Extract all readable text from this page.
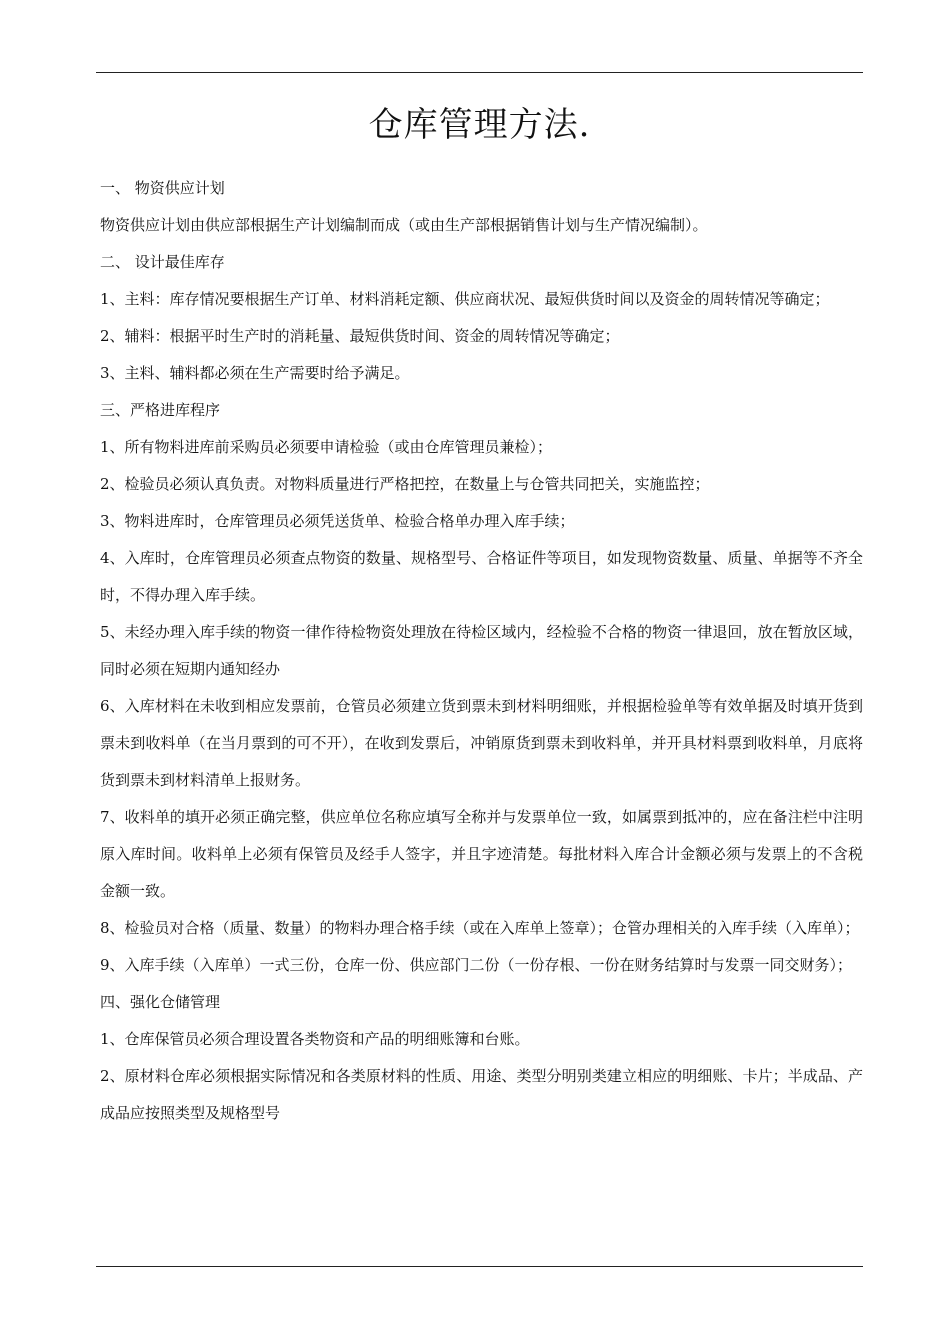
仓库管理方法.

一、 物资供应计划

物资供应计划由供应部根据生产计划编制而成（或由生产部根据销售计划与生产情况编制）。

二、 设计最佳库存

1、主料：库存情况要根据生产订单、材料消耗定额、供应商状况、最短供货时间以及资金的周转情况等确定；

2、辅料：根据平时生产时的消耗量、最短供货时间、资金的周转情况等确定；

3、主料、辅料都必须在生产需要时给予满足。

三、严格进库程序

1、所有物料进库前采购员必须要申请检验（或由仓库管理员兼检）；

2、检验员必须认真负责。对物料质量进行严格把控，在数量上与仓管共同把关，实施监控；

3、物料进库时，仓库管理员必须凭送货单、检验合格单办理入库手续；

4、入库时，仓库管理员必须查点物资的数量、规格型号、合格证件等项目，如发现物资数量、质量、单据等不齐全时，不得办理入库手续。

5、未经办理入库手续的物资一律作待检物资处理放在待检区域内，经检验不合格的物资一律退回，放在暂放区域，同时必须在短期内通知经办

6、入库材料在未收到相应发票前，仓管员必须建立货到票未到材料明细账，并根据检验单等有效单据及时填开货到票未到收料单（在当月票到的可不开），在收到发票后，冲销原货到票未到收料单，并开具材料票到收料单，月底将货到票未到材料清单上报财务。

7、收料单的填开必须正确完整，供应单位名称应填写全称并与发票单位一致，如属票到抵冲的，应在备注栏中注明原入库时间。收料单上必须有保管员及经手人签字，并且字迹清楚。每批材料入库合计金额必须与发票上的不含税金额一致。

8、检验员对合格（质量、数量）的物料办理合格手续（或在入库单上签章）；仓管办理相关的入库手续（入库单）；

9、入库手续（入库单）一式三份，仓库一份、供应部门二份（一份存根、一份在财务结算时与发票一同交财务）；

四、强化仓储管理

1、仓库保管员必须合理设置各类物资和产品的明细账簿和台账。

2、原材料仓库必须根据实际情况和各类原材料的性质、用途、类型分明别类建立相应的明细账、卡片；半成品、产成品应按照类型及规格型号
